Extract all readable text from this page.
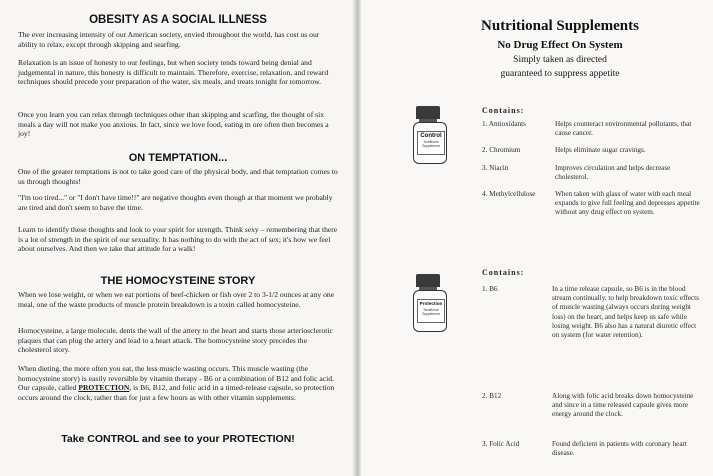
OBESITY AS A SOCIAL ILLNESS

The ever increasing intensity of our American society, envied throughout the world, has cost us our ability to relax, except through skipping and searfing.

Relaxation is an issue of honesty to our feelings, but when society tends toward being denial and judgemental in nature, this honesty is difficult to maintain. Therefore, exercise, relaxation, and reward techniques should precede your preparation of the water, six meals, and treats tonight for tomorrow.

Once you learn you can relax through techniques other than skipping and scarfing, the thought of six meals a day will not make you anxious. In fact, since we love food, eating m ore often then becomes a joy!

ON TEMPTATION...

One of the greater temptations is not to take good care of the physical body, and that temptation comes to us through thoughts!

"I'm too tired..." or "I don't have time!!" are negative thoughts even though at that moment we probably are tired and don't seem to have the time.

Learn to identify these thoughts and look to your spirit for strength. Think sexy – remembering that there is a lot of strength in the spirit of our sexuality. It has nothing to do with the act of sex; it's how we feel about ourselves. And then we take that attitude for a walk!

THE HOMOCYSTEINE STORY

When we lose weight, or when we eat portions of beef-chicken or fish over 2 to 3-1/2 ounces at any one meal, one of the waste products of muscle protein breakdown is a toxin called homocysteine.

Homocysteine, a large molecule, dents the wall of the artery to the heart and starts those arteriosclerotic plaques that can plug the artery and lead to a heart attack. The homocysteine story precedes the cholesterol story.

When dieting, the more often you eat, the less muscle wasting occurs. This muscle wasting (the homocysteine story) is easily reversible by vitamin therapy - B6 or a combination of B12 and folic acid. Our capsule, called PROTECTION, is B6, B12, and folic acid in a timed-release capsule, so protection occurs around the clock, rather than for just a few hours as with other vitamin supplements.

Take CONTROL and see to your PROTECTION!

Nutritional Supplements
No Drug Effect On System

Simply taken as directed

guaranteed to suppress appetite

Control
Nutritional
Supplement

Contains:

1. Antioxidants	Helps counteract environmental pollutants, that cause cancer.
2. Chromium	Helps eliminate sugar cravings.
3. Niacin	Improves circulation and helps decrease cholesterol.
4. Methylcellulose	When taken with glass of water with each meal expands to give full feeling and depresses appetite without any drug effect on system.
Protection
Nutritional
Supplement

Contains:

1. B6	In a time release capsule, so B6 is in the blood stream continually, to help breakdown toxic effects of muscle wasting (always occurs during weight loss) on the heart, and helps keep us safe while losing weight. B6 also has a natural diuretic effect on system (for water retention).
2. B12	Along with folic acid breaks down homocysteine and since in a time released capsule gives more energy around the clock.
3. Folic Acid	Found deficient in patients with coronary heart disease.
